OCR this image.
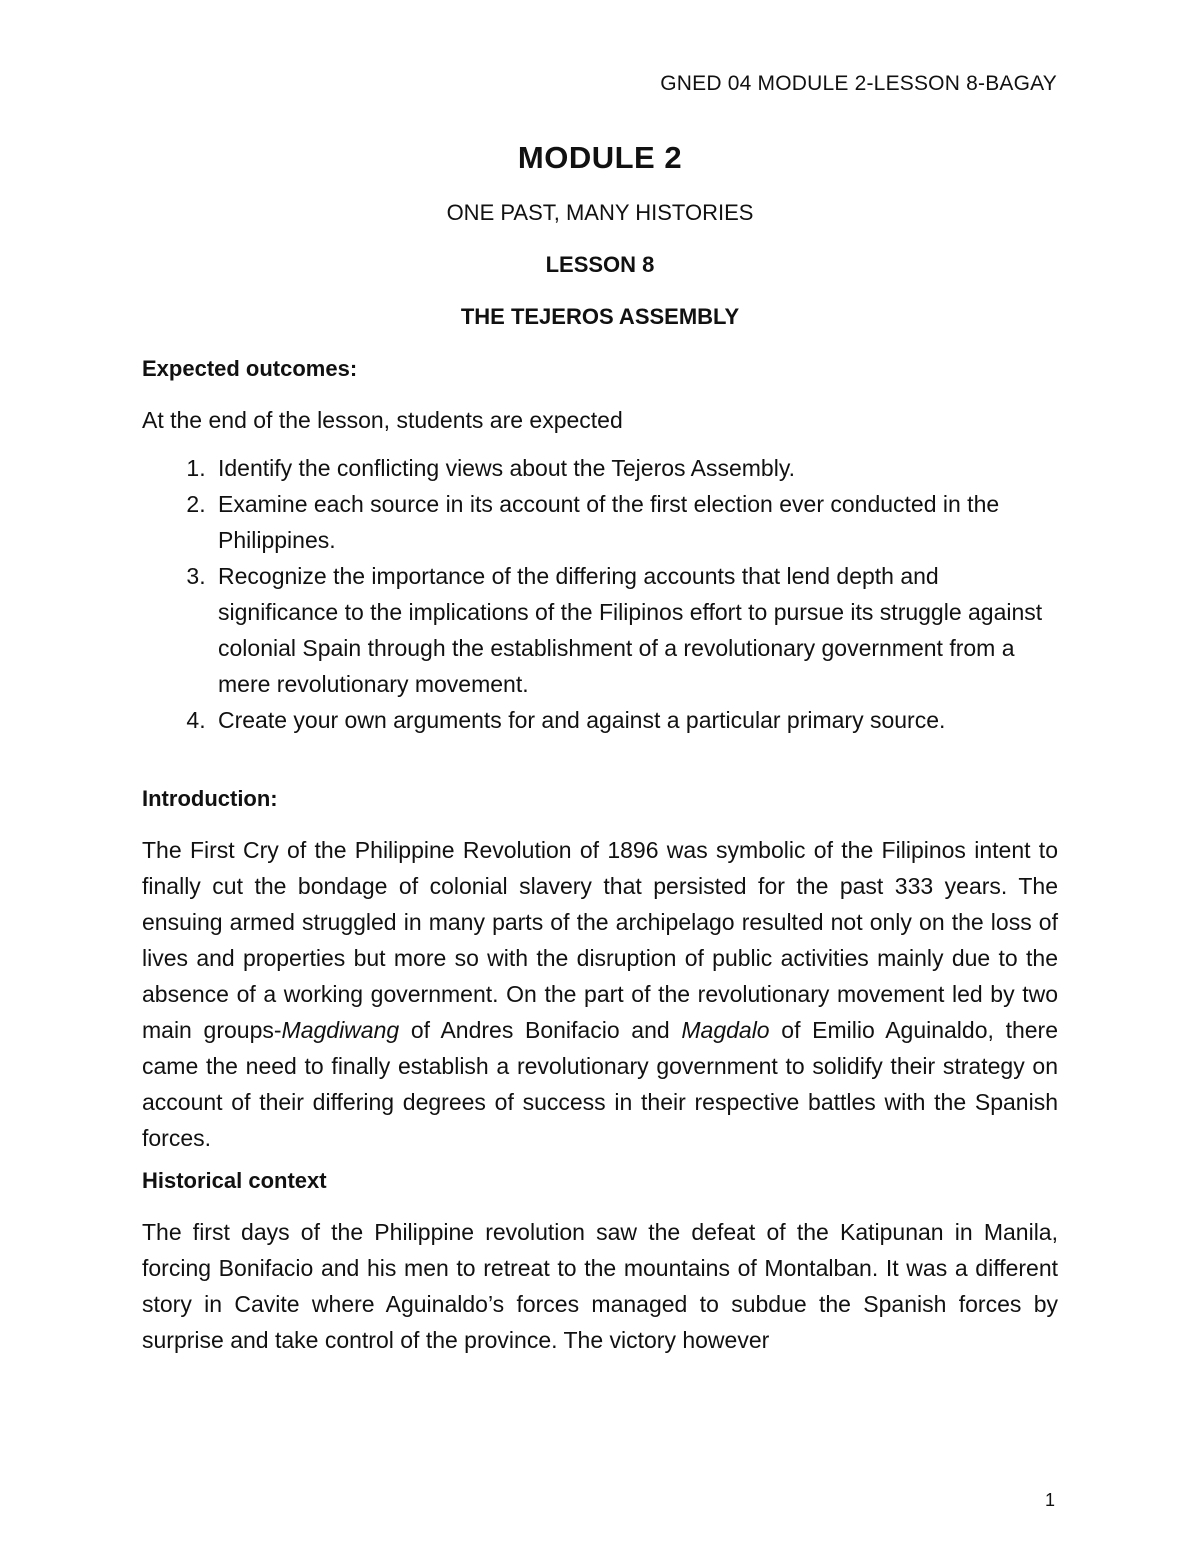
GNED 04 MODULE 2-LESSON 8-BAGAY
MODULE 2
ONE PAST, MANY HISTORIES
LESSON 8
THE TEJEROS ASSEMBLY
Expected outcomes:
At the end of the lesson, students are expected
1. Identify the conflicting views about the Tejeros Assembly.
2. Examine each source in its account of the first election ever conducted in the Philippines.
3. Recognize the importance of the differing accounts that lend depth and significance to the implications of the Filipinos effort to pursue its struggle against colonial Spain through the establishment of a revolutionary government from a mere revolutionary movement.
4. Create your own arguments for and against a particular primary source.
Introduction:

The First Cry of the Philippine Revolution of 1896 was symbolic of the Filipinos intent to finally cut the bondage of colonial slavery that persisted for the past 333 years. The ensuing armed struggled in many parts of the archipelago resulted not only on the loss of lives and properties but more so with the disruption of public activities mainly due to the absence of a working government. On the part of the revolutionary movement led by two main groups-Magdiwang of Andres Bonifacio and Magdalo of Emilio Aguinaldo, there came the need to finally establish a revolutionary government to solidify their strategy on account of their differing degrees of success in their respective battles with the Spanish forces.

Historical context

The first days of the Philippine revolution saw the defeat of the Katipunan in Manila, forcing Bonifacio and his men to retreat to the mountains of Montalban. It was a different story in Cavite where Aguinaldo’s forces managed to subdue the Spanish forces by surprise and take control of the province. The victory however

1
